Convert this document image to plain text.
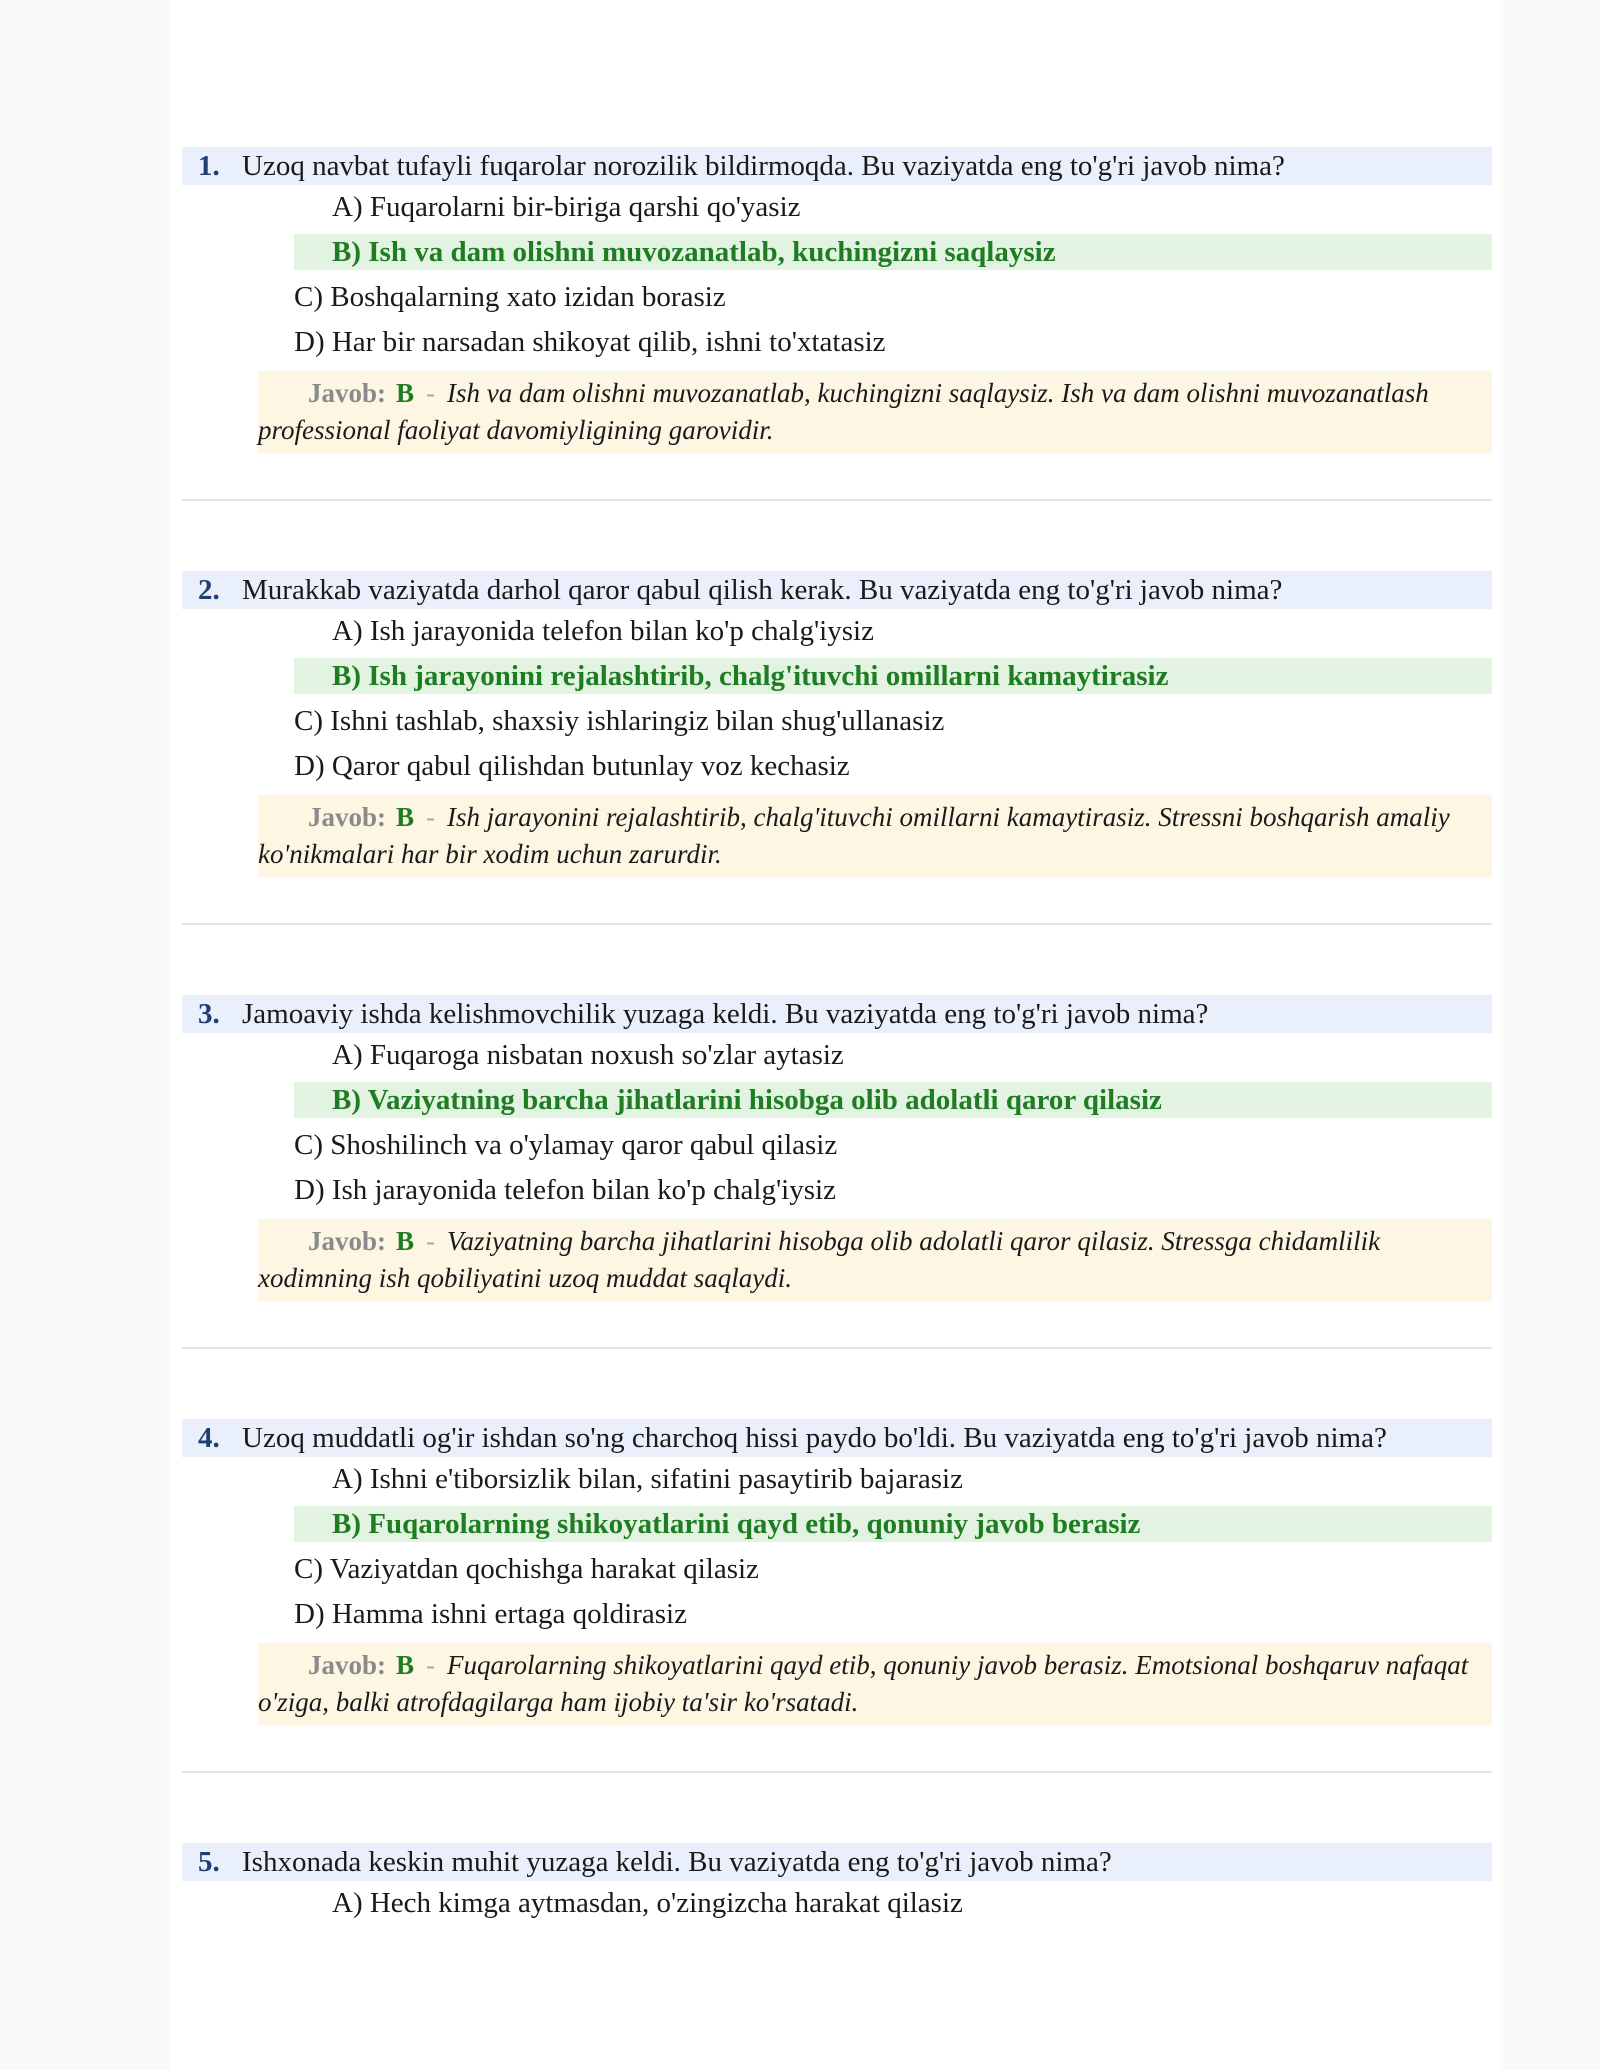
1. Uzoq navbat tufayli fuqarolar norozilik bildirmoqda. Bu vaziyatda eng to'g'ri javob nima?
A) Fuqarolarni bir-biriga qarshi qo'yasiz
B) Ish va dam olishni muvozanatlab, kuchingizni saqlaysiz
C) Boshqalarning xato izidan borasiz
D) Har bir narsadan shikoyat qilib, ishni to'xtatasiz
Javob: B - Ish va dam olishni muvozanatlab, kuchingizni saqlaysiz. Ish va dam olishni muvozanatlash professional faoliyat davomiyligining garovidir.
2. Murakkab vaziyatda darhol qaror qabul qilish kerak. Bu vaziyatda eng to'g'ri javob nima?
A) Ish jarayonida telefon bilan ko'p chalg'iysiz
B) Ish jarayonini rejalashtirib, chalg'ituvchi omillarni kamaytirasiz
C) Ishni tashlab, shaxsiy ishlaringiz bilan shug'ullanasiz
D) Qaror qabul qilishdan butunlay voz kechasiz
Javob: B - Ish jarayonini rejalashtirib, chalg'ituvchi omillarni kamaytirasiz. Stressni boshqarish amaliy ko'nikmalari har bir xodim uchun zarurdir.
3. Jamoaviy ishda kelishmovchilik yuzaga keldi. Bu vaziyatda eng to'g'ri javob nima?
A) Fuqaroga nisbatan noxush so'zlar aytasiz
B) Vaziyatning barcha jihatlarini hisobga olib adolatli qaror qilasiz
C) Shoshilinch va o'ylamay qaror qabul qilasiz
D) Ish jarayonida telefon bilan ko'p chalg'iysiz
Javob: B - Vaziyatning barcha jihatlarini hisobga olib adolatli qaror qilasiz. Stressga chidamlilik xodimning ish qobiliyatini uzoq muddat saqlaydi.
4. Uzoq muddatli og'ir ishdan so'ng charchoq hissi paydo bo'ldi. Bu vaziyatda eng to'g'ri javob nima?
A) Ishni e'tiborsizlik bilan, sifatini pasaytirib bajarasiz
B) Fuqarolarning shikoyatlarini qayd etib, qonuniy javob berasiz
C) Vaziyatdan qochishga harakat qilasiz
D) Hamma ishni ertaga qoldirasiz
Javob: B - Fuqarolarning shikoyatlarini qayd etib, qonuniy javob berasiz. Emotsional boshqaruv nafaqat o'ziga, balki atrofdagilarga ham ijobiy ta'sir ko'rsatadi.
5. Ishxonada keskin muhit yuzaga keldi. Bu vaziyatda eng to'g'ri javob nima?
A) Hech kimga aytmasdan, o'zingizcha harakat qilasiz
